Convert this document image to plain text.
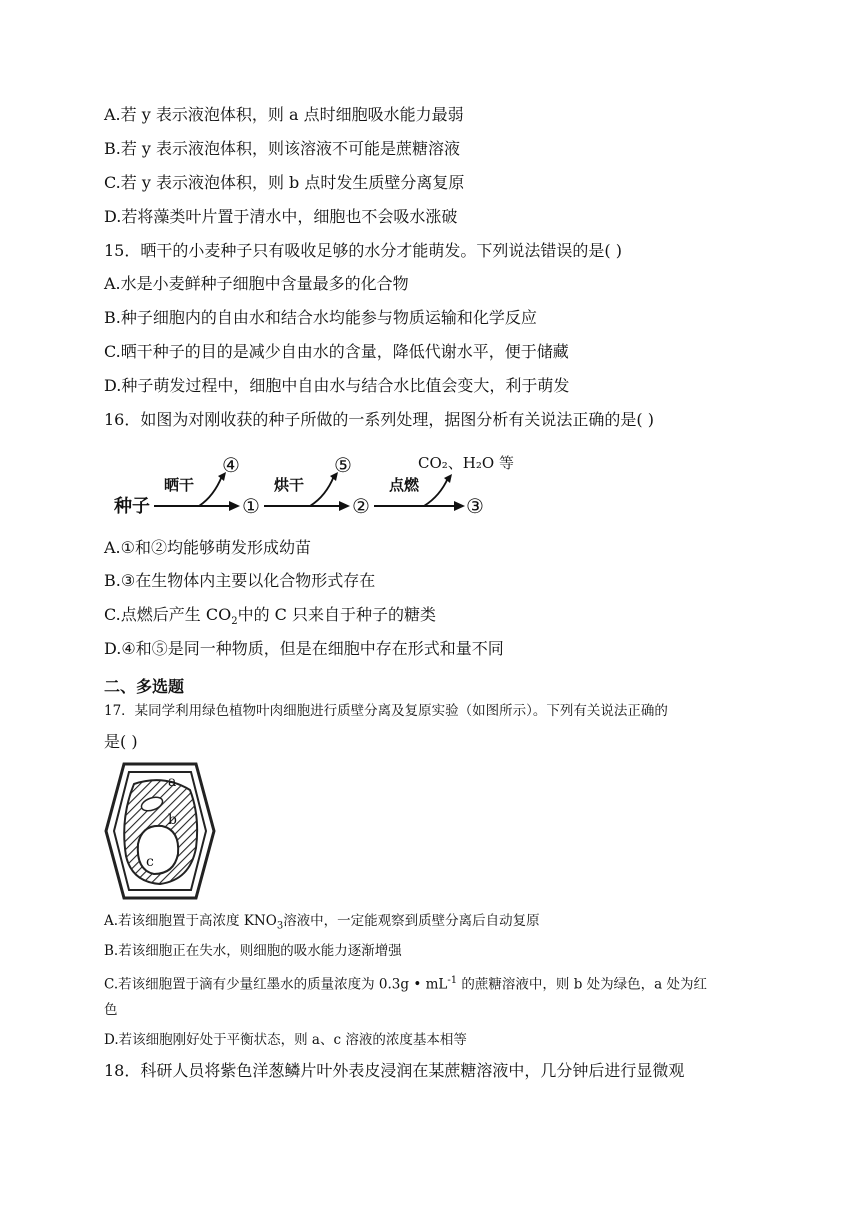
A.若 y 表示液泡体积，则 a 点时细胞吸水能力最弱
B.若 y 表示液泡体积，则该溶液不可能是蔗糖溶液
C.若 y 表示液泡体积，则 b 点时发生质壁分离复原
D.若将藻类叶片置于清水中，细胞也不会吸水涨破
15．晒干的小麦种子只有吸收足够的水分才能萌发。下列说法错误的是( )
A.水是小麦鲜种子细胞中含量最多的化合物
B.种子细胞内的自由水和结合水均能参与物质运输和化学反应
C.晒干种子的目的是减少自由水的含量，降低代谢水平，便于储藏
D.种子萌发过程中，细胞中自由水与结合水比值会变大，利于萌发
16．如图为对刚收获的种子所做的一系列处理，据图分析有关说法正确的是( )
种子
晒干
④
①
烘干
⑤
②
点燃
CO₂、H₂O 等
③
A.①和②均能够萌发形成幼苗
B.③在生物体内主要以化合物形式存在
C.点燃后产生 $CO_2$中的 C 只来自于种子的糖类
D.④和⑤是同一种物质，但是在细胞中存在形式和量不同
二、多选题
17．某同学利用绿色植物叶肉细胞进行质壁分离及复原实验（如图所示）。下列有关说法正确的
是( )
a
b
c
A.若该细胞置于高浓度 $KNO_3$溶液中，一定能观察到质壁分离后自动复原
B.若该细胞正在失水，则细胞的吸水能力逐渐增强
C.若该细胞置于滴有少量红墨水的质量浓度为 0.3g • $mL^{-1}$ 的蔗糖溶液中，则 b 处为绿色，a 处为红
色
D.若该细胞刚好处于平衡状态，则 a、c 溶液的浓度基本相等
18．科研人员将紫色洋葱鳞片叶外表皮浸润在某蔗糖溶液中，几分钟后进行显微观
